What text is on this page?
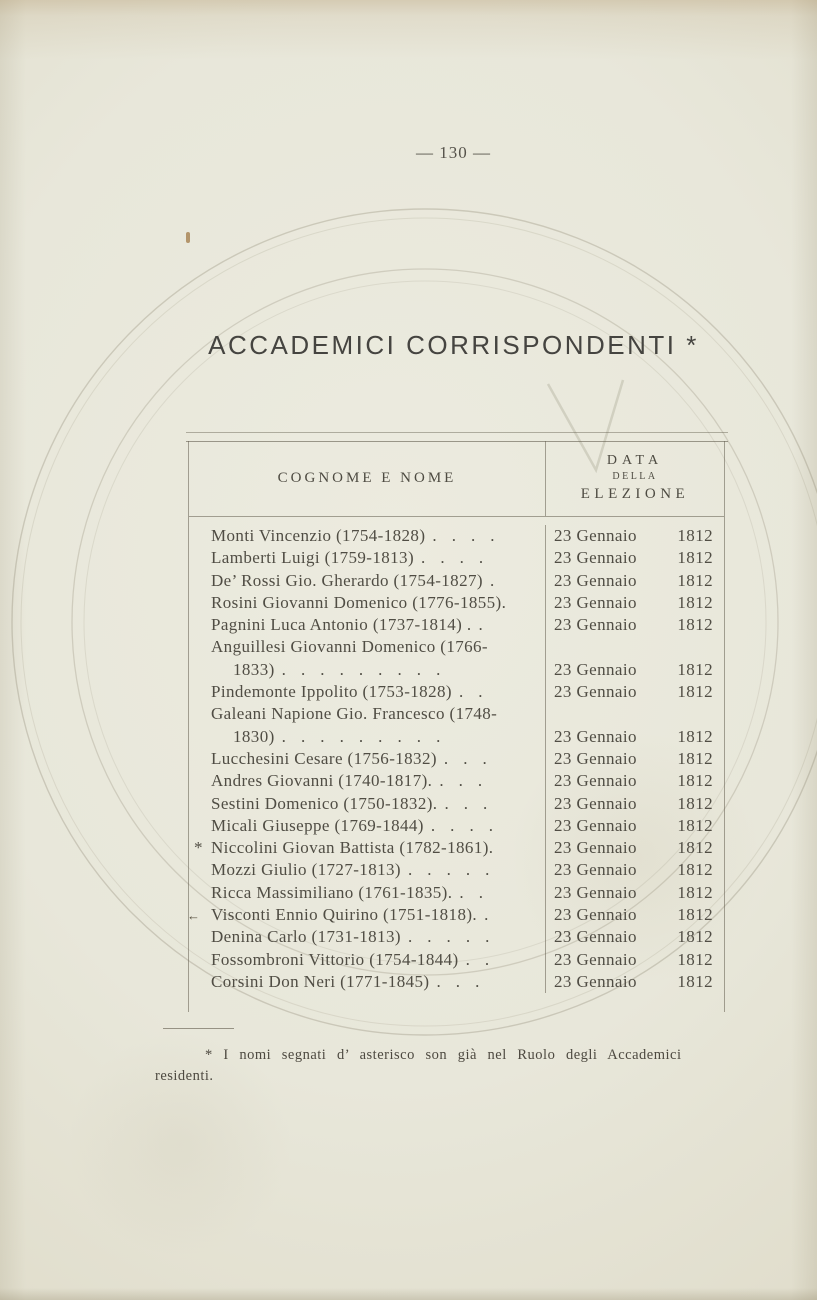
— 130 —
ACCADEMICI CORRISPONDENTI *
COGNOME E NOME
DATA
DELLA
ELEZIONE
Monti Vincenzio (1754-1828) . . . .	23 Gennaio 1812
Lamberti Luigi (1759-1813) . . . .	23 Gennaio 1812
De’ Rossi Gio. Gherardo (1754-1827) .	23 Gennaio 1812
Rosini Giovanni Domenico (1776-1855).	23 Gennaio 1812
Pagnini Luca Antonio (1737-1814) . .	23 Gennaio 1812
Anguillesi Giovanni Domenico (1766-
1833) . . . . . . . . .	23 Gennaio 1812
Pindemonte Ippolito (1753-1828) . .	23 Gennaio 1812
Galeani Napione Gio. Francesco (1748-
1830) . . . . . . . . .	23 Gennaio 1812
Lucchesini Cesare (1756-1832) . . .	23 Gennaio 1812
Andres Giovanni (1740-1817). . . .	23 Gennaio 1812
Sestini Domenico (1750-1832). . . .	23 Gennaio 1812
Micali Giuseppe (1769-1844) . . . .	23 Gennaio 1812
* Niccolini Giovan Battista (1782-1861).	23 Gennaio 1812
Mozzi Giulio (1727-1813) . . . . .	23 Gennaio 1812
Ricca Massimiliano (1761-1835). . .	23 Gennaio 1812
← Visconti Ennio Quirino (1751-1818). .	23 Gennaio 1812
Denina Carlo (1731-1813) . . . . .	23 Gennaio 1812
Fossombroni Vittorio (1754-1844) . .	23 Gennaio 1812
Corsini Don Neri (1771-1845) . . .	23 Gennaio 1812
* I nomi segnati d’ asterisco son già nel Ruolo degli Accademici
residenti.
